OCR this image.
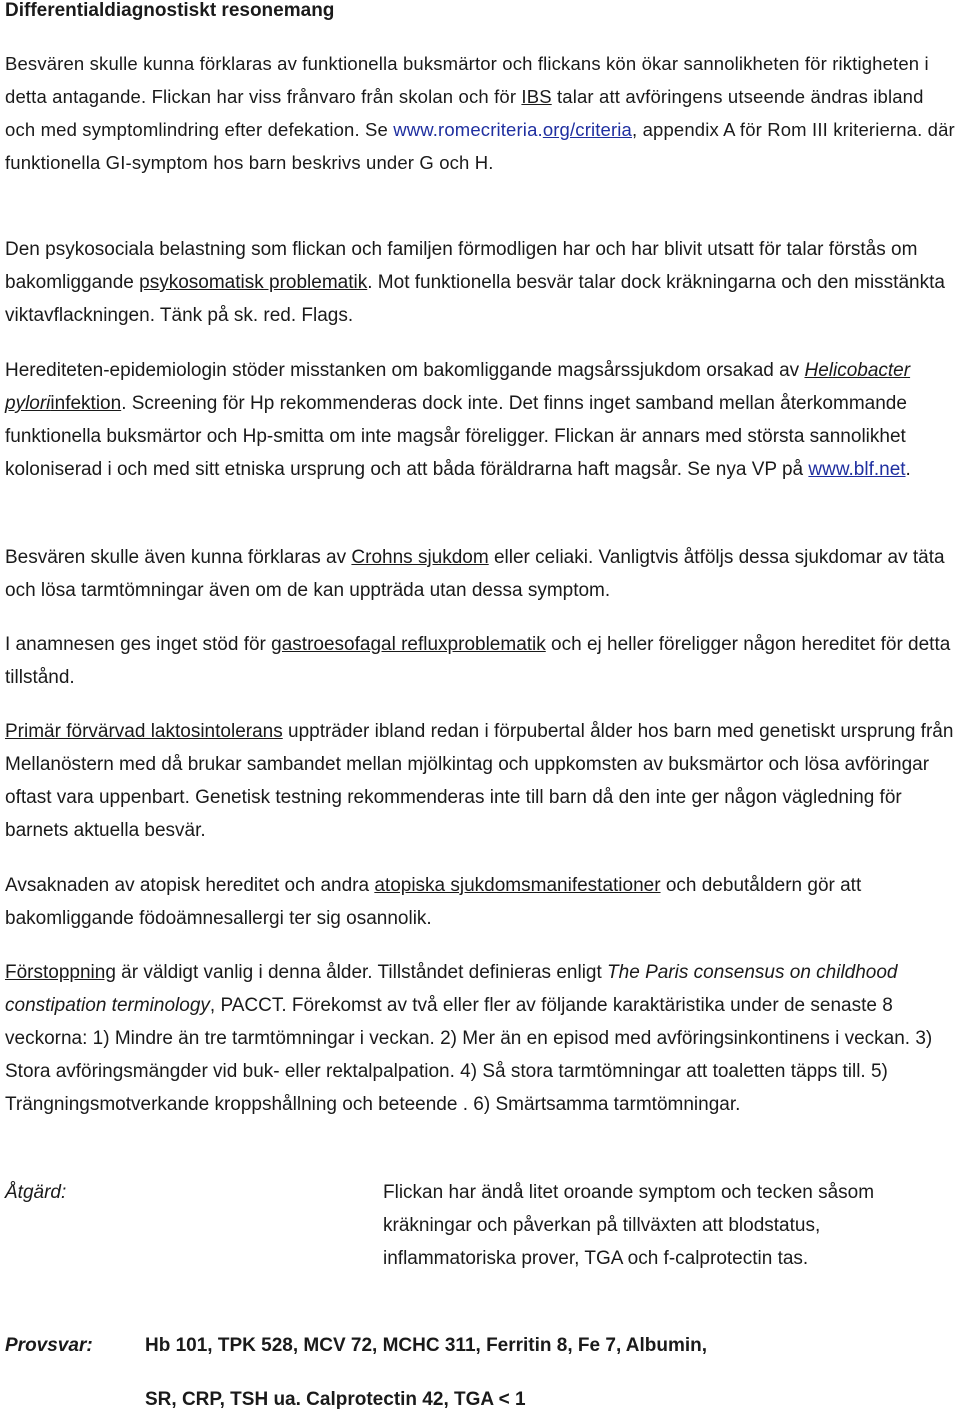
Differentialdiagnostiskt resonemang

Besvären skulle kunna förklaras av funktionella buksmärtor och flickans kön ökar sannolikheten för riktigheten i detta antagande. Flickan har viss frånvaro från skolan och för IBS talar att avföringens utseende ändras ibland och med symptomlindring efter defekation. Se www.romecriteria.org/criteria, appendix A för Rom III kriterierna. där funktionella GI-symptom hos barn beskrivs under G och H.

Den psykosociala belastning som flickan och familjen förmodligen har och har blivit utsatt för talar förstås om bakomliggande psykosomatisk problematik. Mot funktionella besvär talar dock kräkningarna och den misstänkta viktavflackningen. Tänk på sk. red. Flags.

Herediteten-epidemiologin stöder misstanken om bakomliggande magsårssjukdom orsakad av Helicobacter pyloriinfektion. Screening för Hp rekommenderas dock inte. Det finns inget samband mellan återkommande funktionella buksmärtor och Hp-smitta om inte magsår föreligger. Flickan är annars med största sannolikhet koloniserad i och med sitt etniska ursprung och att båda föräldrarna haft magsår. Se nya VP på www.blf.net.

Besvären skulle även kunna förklaras av Crohns sjukdom eller celiaki. Vanligtvis åtföljs dessa sjukdomar av täta och lösa tarmtömningar även om de kan uppträda utan dessa symptom.

I anamnesen ges inget stöd för gastroesofagal refluxproblematik och ej heller föreligger någon hereditet för detta tillstånd.

Primär förvärvad laktosintolerans uppträder ibland redan i förpubertal ålder hos barn med genetiskt ursprung från Mellanöstern med då brukar sambandet mellan mjölkintag och uppkomsten av buksmärtor och lösa avföringar oftast vara uppenbart. Genetisk testning rekommenderas inte till barn då den inte ger någon vägledning för barnets aktuella besvär.

Avsaknaden av atopisk hereditet och andra atopiska sjukdomsmanifestationer och debutåldern gör att bakomliggande födoämnesallergi ter sig osannolik.

Förstoppning är väldigt vanlig i denna ålder. Tillståndet definieras enligt The Paris consensus on childhood constipation terminology, PACCT. Förekomst av två eller fler av följande karaktäristika under de senaste 8 veckorna: 1) Mindre än tre tarmtömningar i veckan. 2) Mer än en episod med avföringsinkontinens i veckan. 3) Stora avföringsmängder vid buk- eller rektalpalpation. 4) Så stora tarmtömningar att toaletten täpps till. 5) Trängningsmotverkande kroppshållning och beteende . 6) Smärtsamma tarmtömningar.

Åtgärd:	Flickan har ändå litet oroande symptom och tecken såsom kräkningar och påverkan på tillväxten att blodstatus, inflammatoriska prover, TGA och f-calprotectin tas.
Provsvar:	Hb 101, TPK 528, MCV 72, MCHC 311, Ferritin 8, Fe 7, Albumin,
SR, CRP, TSH ua. Calprotectin 42, TGA < 1
